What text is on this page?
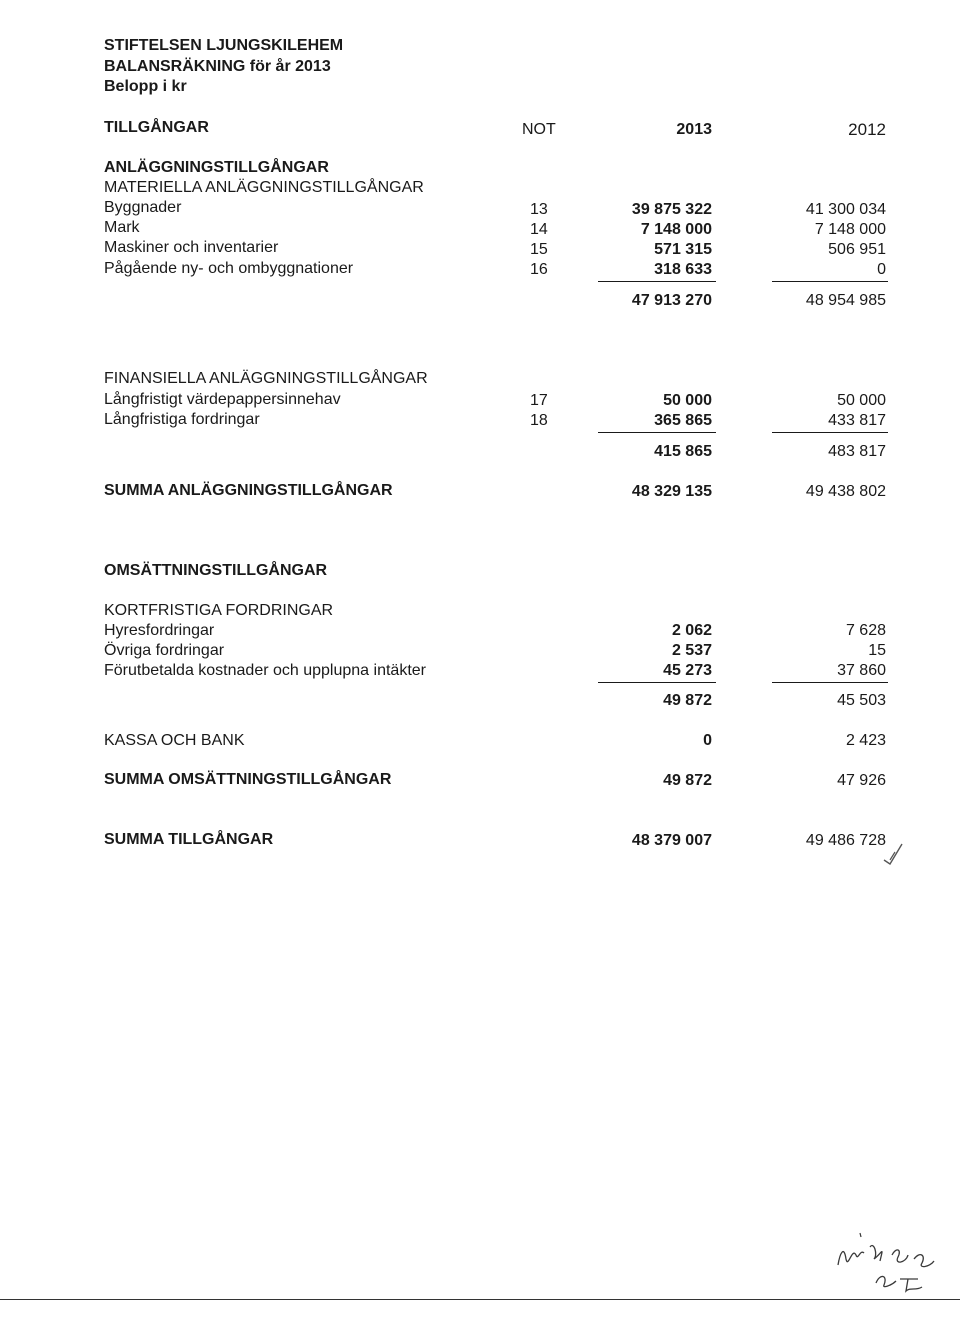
STIFTELSEN LJUNGSKILEHEM
BALANSRÄKNING för år 2013
Belopp i kr
TILLGÅNGAR	NOT	2013	2012
ANLÄGGNINGSTILLGÅNGAR
MATERIELLA ANLÄGGNINGSTILLGÅNGAR
Byggnader	13	39 875 322	41 300 034
Mark	14	7 148 000	7 148 000
Maskiner och inventarier	15	571 315	506 951
Pågående ny- och ombyggnationer	16	318 633	0
47 913 270	48 954 985
FINANSIELLA ANLÄGGNINGSTILLGÅNGAR
Långfristigt värdepappersinnehav	17	50 000	50 000
Långfristiga fordringar	18	365 865	433 817
415 865	483 817
SUMMA ANLÄGGNINGSTILLGÅNGAR	48 329 135	49 438 802
OMSÄTTNINGSTILLGÅNGAR
KORTFRISTIGA FORDRINGAR
Hyresfordringar	2 062	7 628
Övriga fordringar	2 537	15
Förutbetalda kostnader och upplupna intäkter	45 273	37 860
49 872	45 503
KASSA OCH BANK	0	2 423
SUMMA OMSÄTTNINGSTILLGÅNGAR	49 872	47 926
SUMMA TILLGÅNGAR	48 379 007	49 486 728
